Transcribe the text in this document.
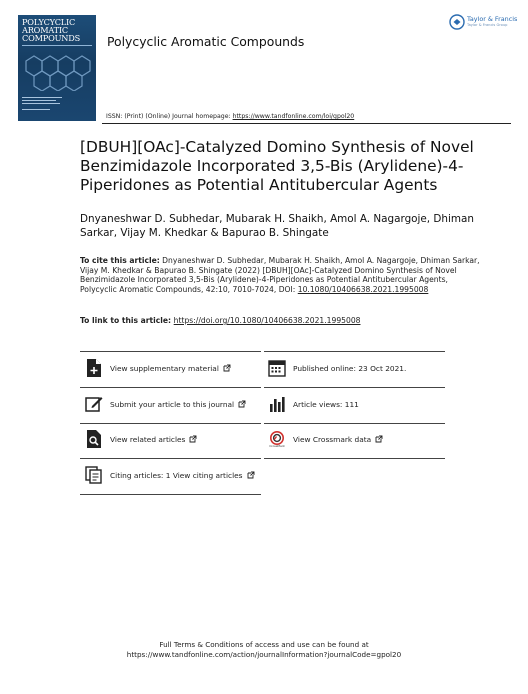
POLYCYCLIC
AROMATIC
COMPOUNDS	Polycyclic Aromatic Compounds
Taylor & Francis
Taylor & Francis Group
ISSN: (Print) (Online) Journal homepage: https://www.tandfonline.com/loi/gpol20
[DBUH][OAc]-Catalyzed Domino Synthesis of Novel Benzimidazole Incorporated 3,5-Bis (Arylidene)-4-Piperidones as Potential Antitubercular Agents
Dnyaneshwar D. Subhedar, Mubarak H. Shaikh, Amol A. Nagargoje, Dhiman Sarkar, Vijay M. Khedkar & Bapurao B. Shingate
To cite this article: Dnyaneshwar D. Subhedar, Mubarak H. Shaikh, Amol A. Nagargoje, Dhiman Sarkar, Vijay M. Khedkar & Bapurao B. Shingate (2022) [DBUH][OAc]-Catalyzed Domino Synthesis of Novel Benzimidazole Incorporated 3,5-Bis (Arylidene)-4-Piperidones as Potential Antitubercular Agents, Polycyclic Aromatic Compounds, 42:10, 7010-7024, DOI: 10.1080/10406638.2021.1995008
To link to this article: https://doi.org/10.1080/10406638.2021.1995008
View supplementary material
Submit your article to this journal
View related articles
Citing articles: 1 View citing articles
Published online: 23 Oct 2021.
Article views: 111
CrossMark
View Crossmark data
Full Terms & Conditions of access and use can be found at
https://www.tandfonline.com/action/journalInformation?journalCode=gpol20
